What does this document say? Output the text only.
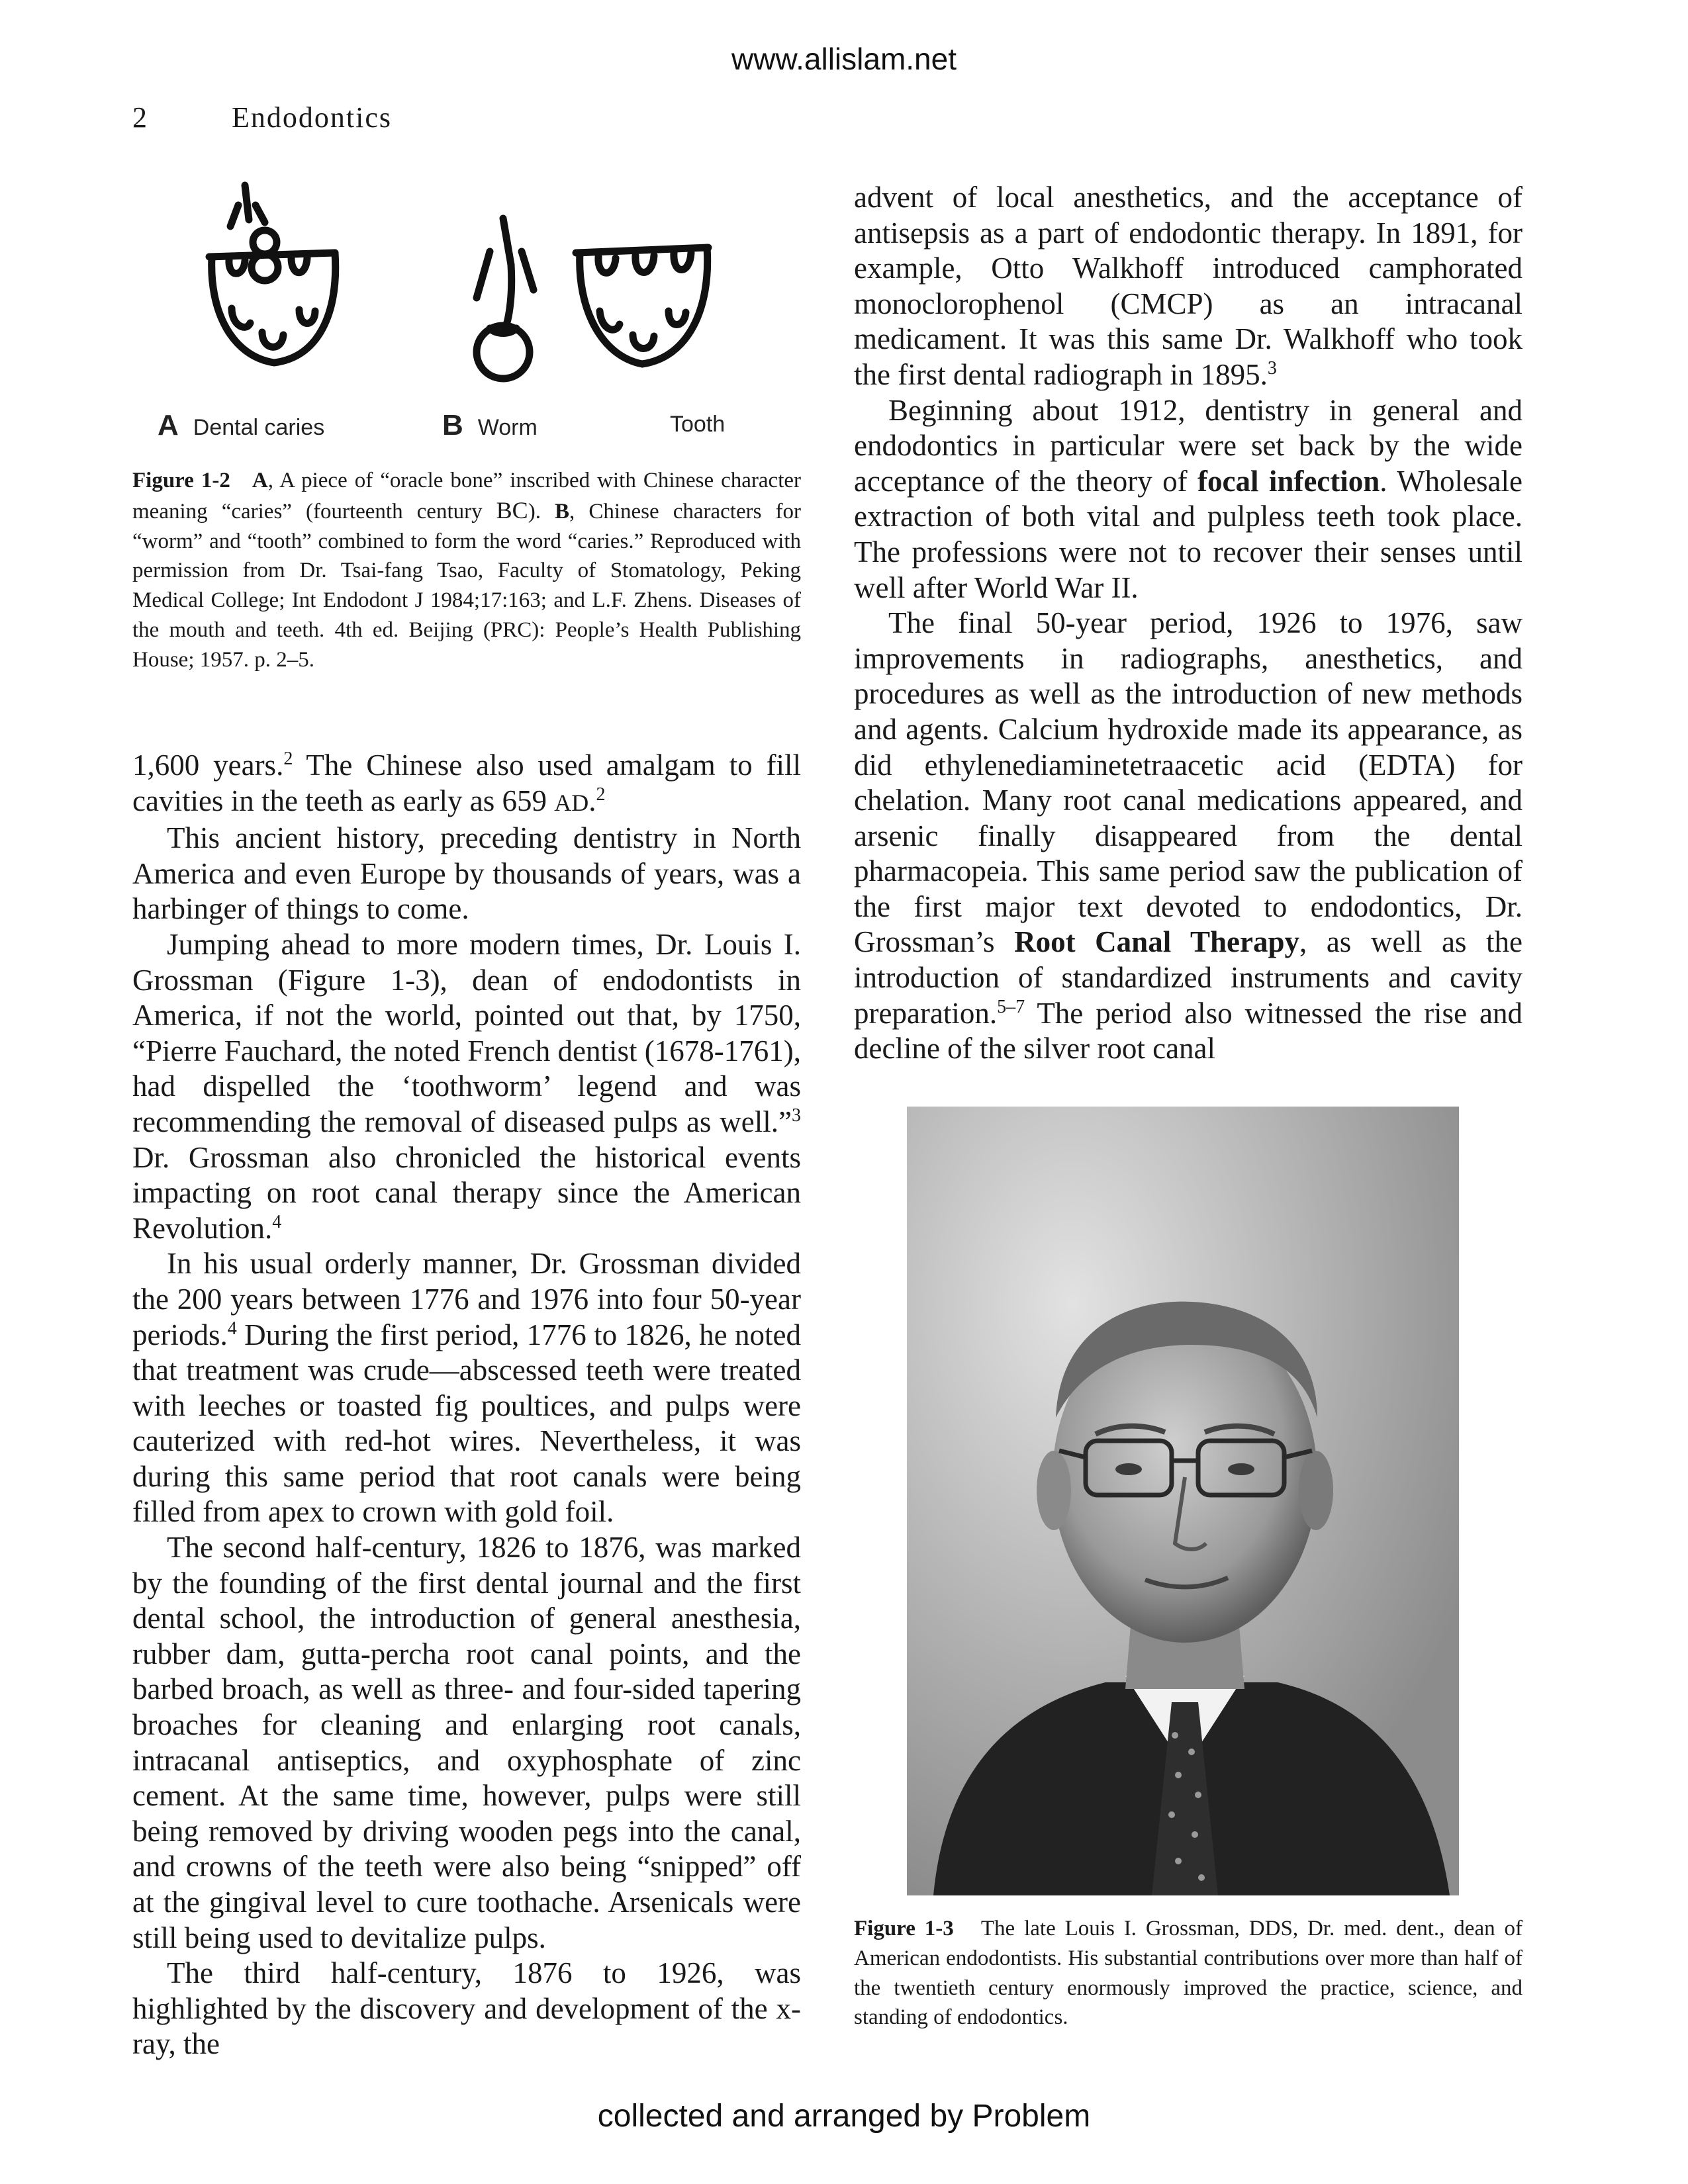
www.allislam.net
2	Endodontics
A Dental caries	B Worm	Tooth
Figure 1-2 A, A piece of “oracle bone” inscribed with Chinese character meaning “caries” (fourteenth century BC). B, Chinese characters for “worm” and “tooth” combined to form the word “caries.” Reproduced with permission from Dr. Tsai-fang Tsao, Faculty of Stomatology, Peking Medical College; Int Endodont J 1984;17:163; and L.F. Zhens. Diseases of the mouth and teeth. 4th ed. Beijing (PRC): People’s Health Publishing House; 1957. p. 2–5.

1,600 years.$^2$ The Chinese also used amalgam to fill cavities in the teeth as early as 659 AD.$^2$

This ancient history, preceding dentistry in North America and even Europe by thousands of years, was a harbinger of things to come.

Jumping ahead to more modern times, Dr. Louis I. Grossman (Figure 1-3), dean of endodontists in America, if not the world, pointed out that, by 1750, “Pierre Fauchard, the noted French dentist (1678-1761), had dispelled the ‘toothworm’ legend and was recommending the removal of diseased pulps as well.”$^3$ Dr. Grossman also chronicled the historical events impacting on root canal therapy since the American Revolution.$^4$

In his usual orderly manner, Dr. Grossman divided the 200 years between 1776 and 1976 into four 50-year periods.$^4$ During the first period, 1776 to 1826, he noted that treatment was crude—abscessed teeth were treated with leeches or toasted fig poultices, and pulps were cauterized with red-hot wires. Nevertheless, it was during this same period that root canals were being filled from apex to crown with gold foil.

The second half-century, 1826 to 1876, was marked by the founding of the first dental journal and the first dental school, the introduction of general anesthesia, rubber dam, gutta-percha root canal points, and the barbed broach, as well as three- and four-sided tapering broaches for cleaning and enlarging root canals, intracanal antiseptics, and oxyphosphate of zinc cement. At the same time, however, pulps were still being removed by driving wooden pegs into the canal, and crowns of the teeth were also being “snipped” off at the gingival level to cure toothache. Arsenicals were still being used to devitalize pulps.

The third half-century, 1876 to 1926, was highlighted by the discovery and development of the x-ray, the

advent of local anesthetics, and the acceptance of antisepsis as a part of endodontic therapy. In 1891, for example, Otto Walkhoff introduced camphorated monoclorophenol (CMCP) as an intracanal medicament. It was this same Dr. Walkhoff who took the first dental radiograph in 1895.$^3$

Beginning about 1912, dentistry in general and endodontics in particular were set back by the wide acceptance of the theory of focal infection. Wholesale extraction of both vital and pulpless teeth took place. The professions were not to recover their senses until well after World War II.

The final 50-year period, 1926 to 1976, saw improvements in radiographs, anesthetics, and procedures as well as the introduction of new methods and agents. Calcium hydroxide made its appearance, as did ethylenediaminetetraacetic acid (EDTA) for chelation. Many root canal medications appeared, and arsenic finally disappeared from the dental pharmacopeia. This same period saw the publication of the first major text devoted to endodontics, Dr. Grossman’s Root Canal Therapy, as well as the introduction of standardized instruments and cavity preparation.$^{5-7}$ The period also witnessed the rise and decline of the silver root canal

Figure 1-3 The late Louis I. Grossman, DDS, Dr. med. dent., dean of American endodontists. His substantial contributions over more than half of the twentieth century enormously improved the practice, science, and standing of endodontics.
collected and arranged by Problem
